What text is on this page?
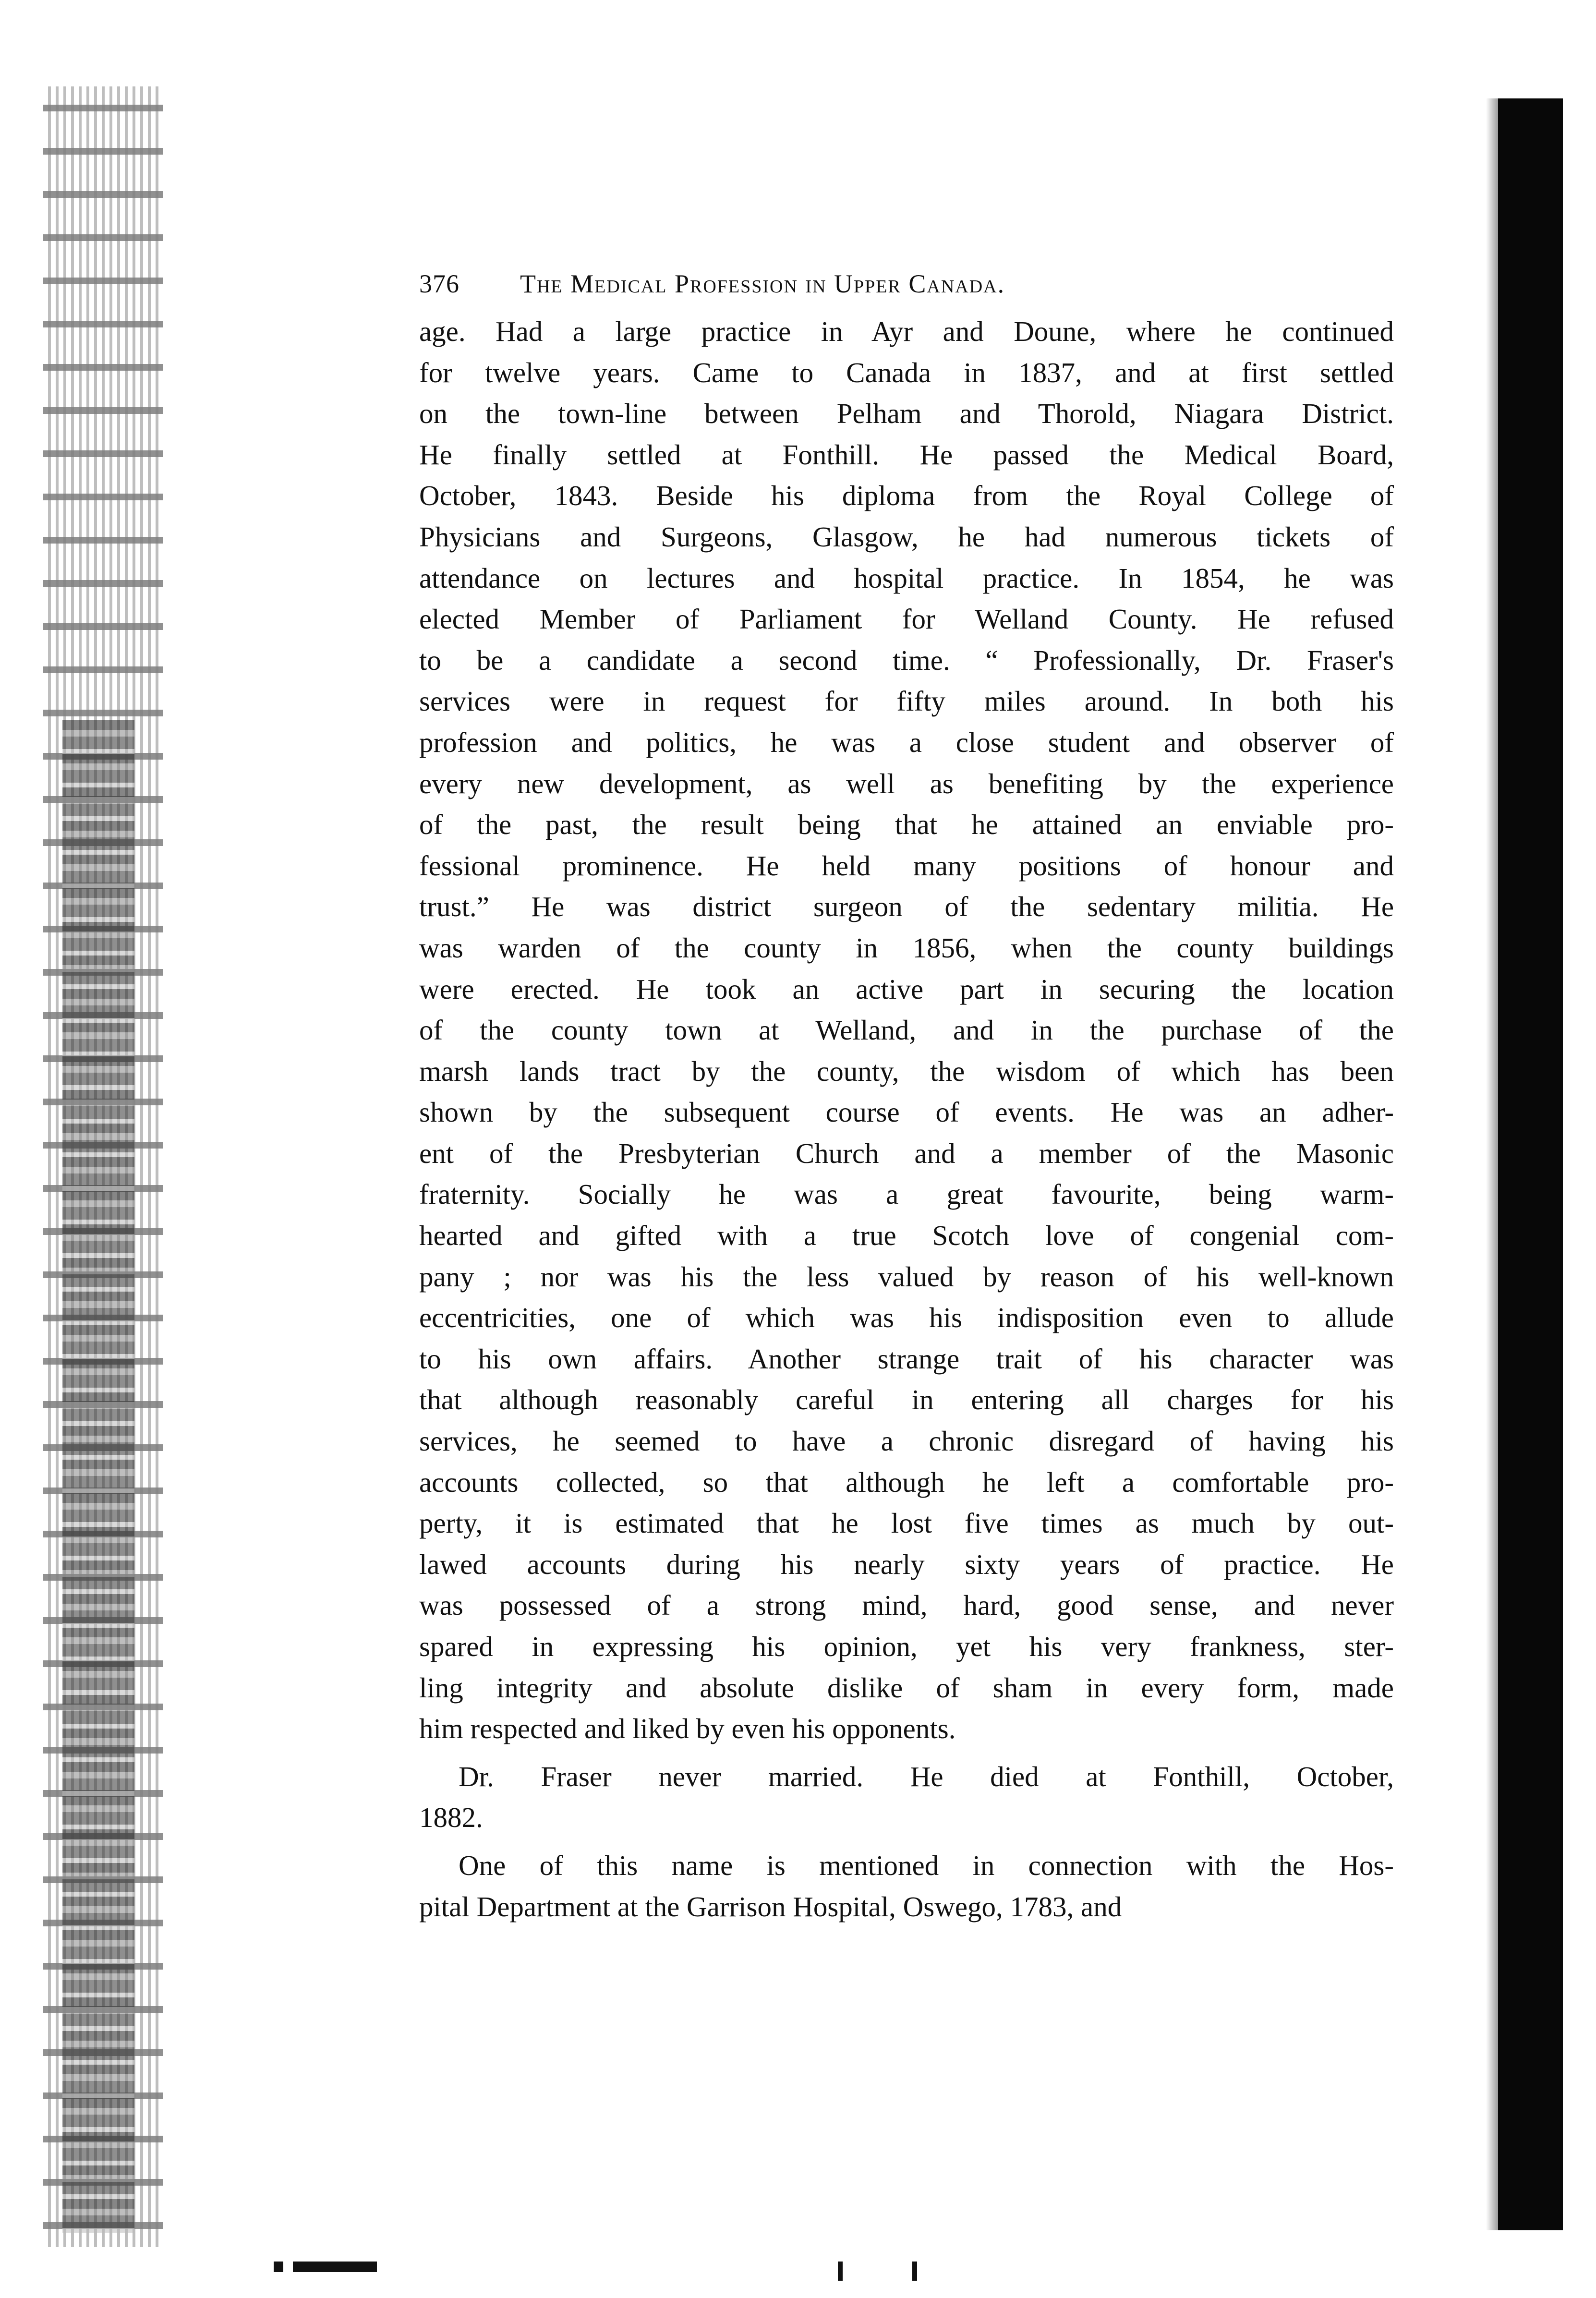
376	The Medical Profession in Upper Canada.
age. Had a large practice in Ayr and Doune, where he continued
for twelve years. Came to Canada in 1837, and at first settled
on the town-line between Pelham and Thorold, Niagara District.
He finally settled at Fonthill. He passed the Medical Board,
October, 1843. Beside his diploma from the Royal College of
Physicians and Surgeons, Glasgow, he had numerous tickets of
attendance on lectures and hospital practice. In 1854, he was
elected Member of Parliament for Welland County. He refused
to be a candidate a second time. “ Professionally, Dr. Fraser's
services were in request for fifty miles around. In both his
profession and politics, he was a close student and observer of
every new development, as well as benefiting by the experience
of the past, the result being that he attained an enviable pro-
fessional prominence. He held many positions of honour and
trust.” He was district surgeon of the sedentary militia. He
was warden of the county in 1856, when the county buildings
were erected. He took an active part in securing the location
of the county town at Welland, and in the purchase of the
marsh lands tract by the county, the wisdom of which has been
shown by the subsequent course of events. He was an adher-
ent of the Presbyterian Church and a member of the Masonic
fraternity. Socially he was a great favourite, being warm-
hearted and gifted with a true Scotch love of congenial com-
pany ; nor was his the less valued by reason of his well-known
eccentricities, one of which was his indisposition even to allude
to his own affairs. Another strange trait of his character was
that although reasonably careful in entering all charges for his
services, he seemed to have a chronic disregard of having his
accounts collected, so that although he left a comfortable pro-
perty, it is estimated that he lost five times as much by out-
lawed accounts during his nearly sixty years of practice. He
was possessed of a strong mind, hard, good sense, and never
spared in expressing his opinion, yet his very frankness, ster-
ling integrity and absolute dislike of sham in every form, made
him respected and liked by even his opponents.
Dr. Fraser never married. He died at Fonthill, October,
1882.
One of this name is mentioned in connection with the Hos-
pital Department at the Garrison Hospital, Oswego, 1783, and
